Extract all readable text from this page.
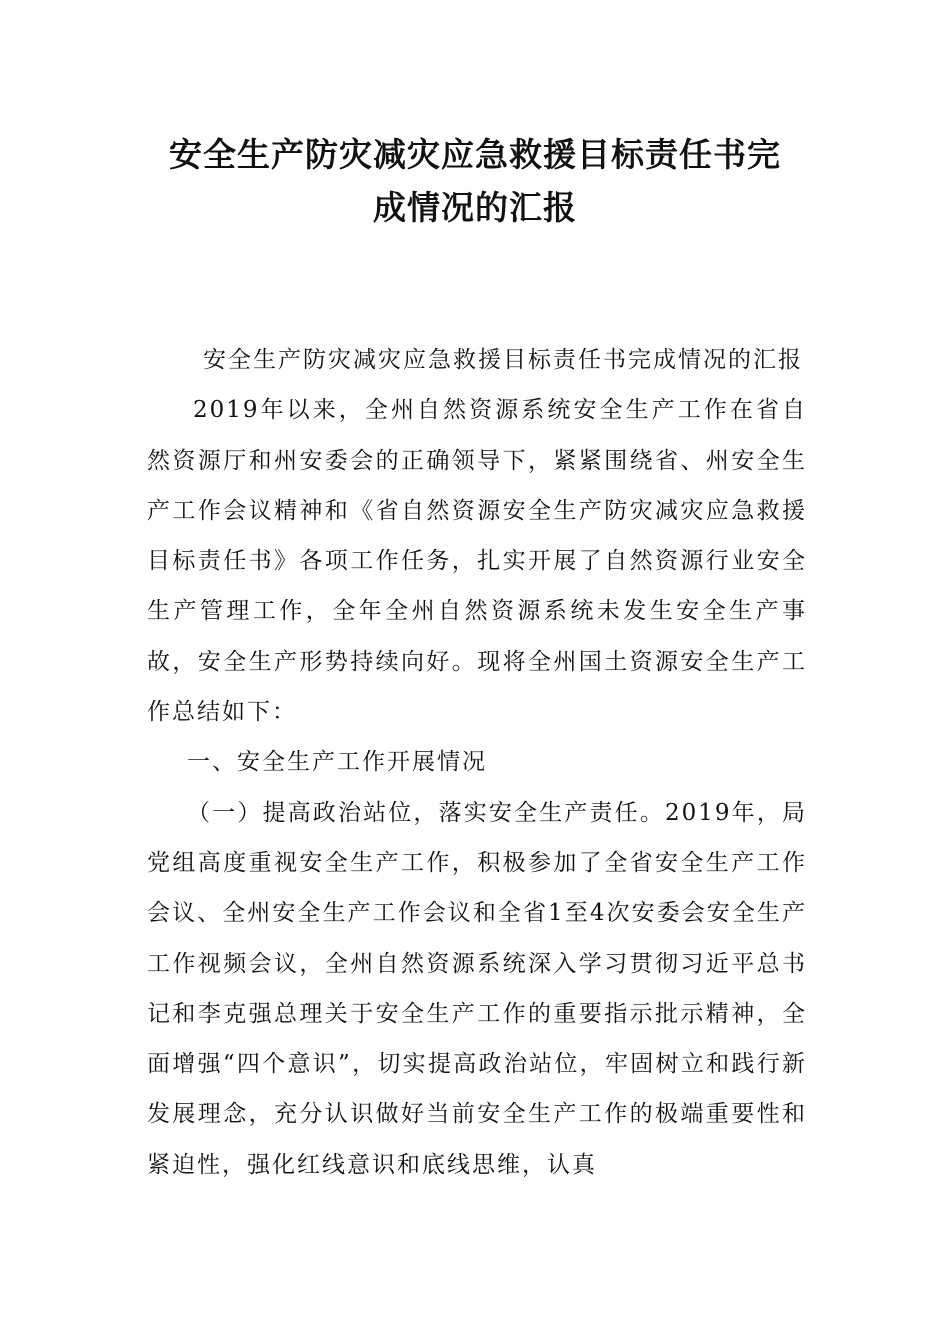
安全生产防灾减灾应急救援目标责任书完
成情况的汇报

安全生产防灾减灾应急救援目标责任书完成情况的汇报

2019年以来，全州自然资源系统安全生产工作在省自然资源厅和州安委会的正确领导下，紧紧围绕省、州安全生产工作会议精神和《省自然资源安全生产防灾减灾应急救援目标责任书》各项工作任务，扎实开展了自然资源行业安全生产管理工作，全年全州自然资源系统未发生安全生产事故，安全生产形势持续向好。现将全州国土资源安全生产工作总结如下：

一、安全生产工作开展情况

（一）提高政治站位，落实安全生产责任。2019年，局党组高度重视安全生产工作，积极参加了全省安全生产工作会议、全州安全生产工作会议和全省1至4次安委会安全生产工作视频会议，全州自然资源系统深入学习贯彻习近平总书记和李克强总理关于安全生产工作的重要指示批示精神，全面增强“四个意识”，切实提高政治站位，牢固树立和践行新发展理念，充分认识做好当前安全生产工作的极端重要性和紧迫性，强化红线意识和底线思维，认真
